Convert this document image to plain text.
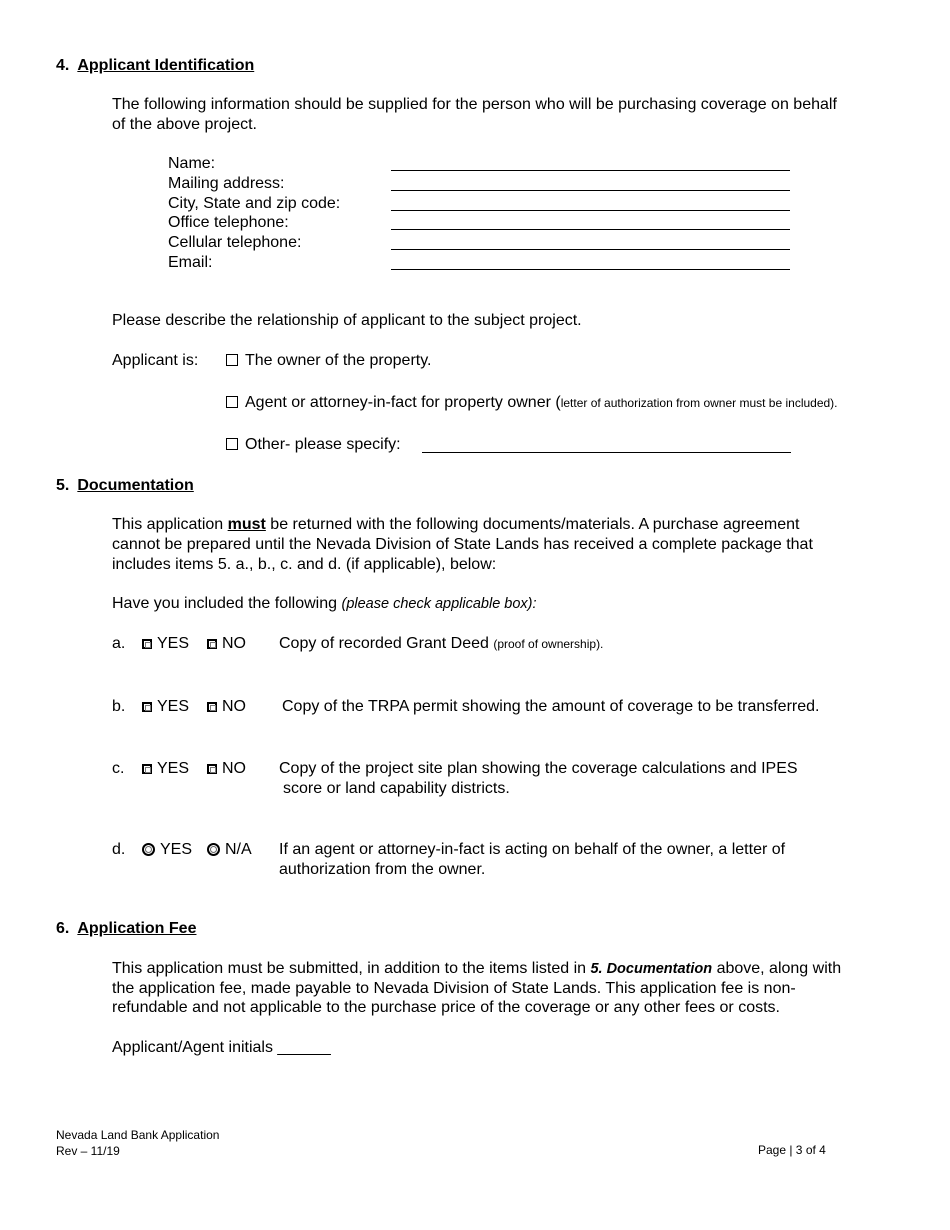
4. Applicant Identification
The following information should be supplied for the person who will be purchasing coverage on behalf
of the above project.
Name:
Mailing address:
City, State and zip code:
Office telephone:
Cellular telephone:
Email:
Please describe the relationship of applicant to the subject project.
Applicant is:	The owner of the property.
Agent or attorney-in-fact for property owner (letter of authorization from owner must be included).
Other- please specify:
5. Documentation
This application must be returned with the following documents/materials. A purchase agreement
cannot be prepared until the Nevada Division of State Lands has received a complete package that
includes items 5. a., b., c. and d. (if applicable), below:
Have you included the following (please check applicable box):
a.	YES	NO Copy of recorded Grant Deed (proof of ownership).
b.	YES	NO Copy of the TRPA permit showing the amount of coverage to be transferred.
c.	YES	NO Copy of the project site plan showing the coverage calculations and IPES
score or land capability districts.
d.	YES	N/A If an agent or attorney-in-fact is acting on behalf of the owner, a letter of
authorization from the owner.
6. Application Fee
This application must be submitted, in addition to the items listed in 5. Documentation above, along with
the application fee, made payable to Nevada Division of State Lands. This application fee is non-
refundable and not applicable to the purchase price of the coverage or any other fees or costs.
Applicant/Agent initials ______
Nevada Land Bank Application
Rev – 11/19	Page | 3 of 4
